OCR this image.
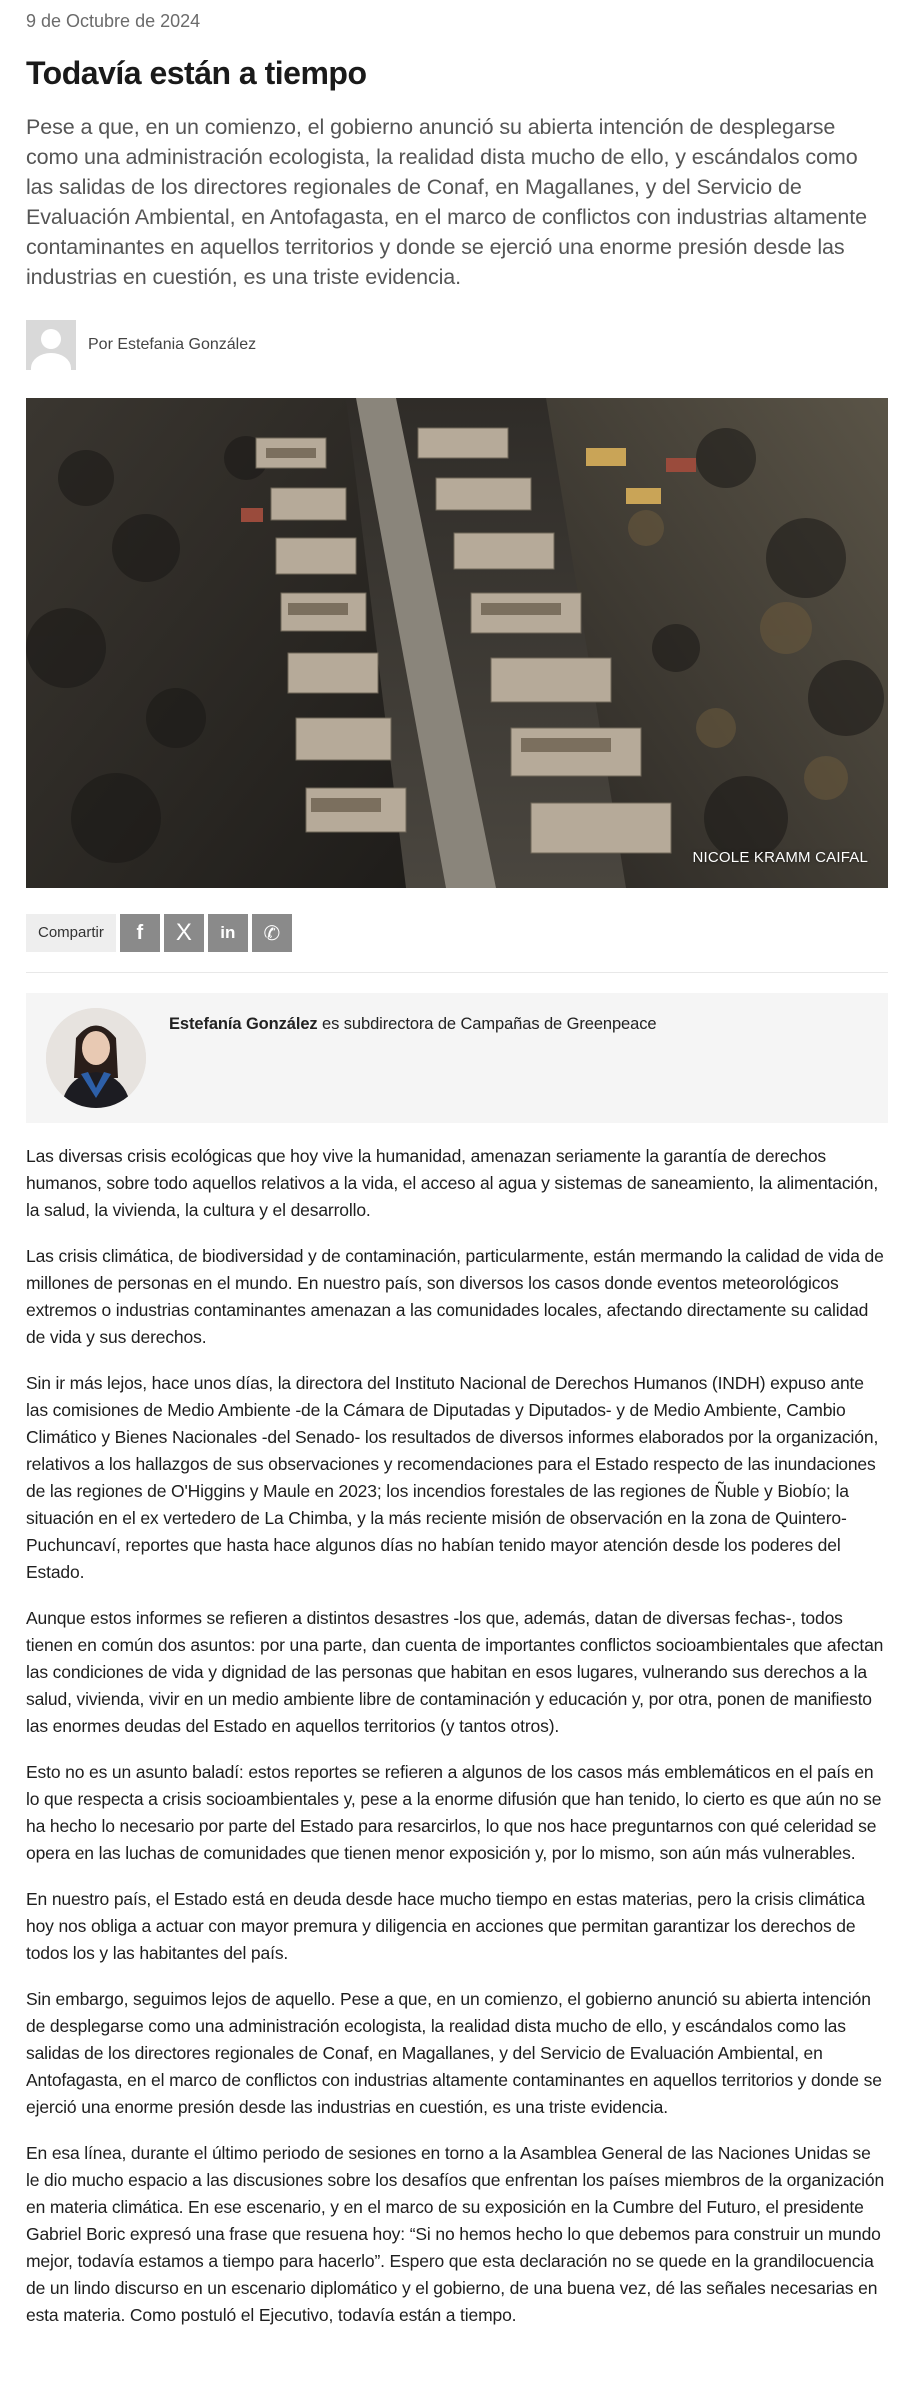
9 de Octubre de 2024
Todavía están a tiempo
Pese a que, en un comienzo, el gobierno anunció su abierta intención de desplegarse como una administración ecologista, la realidad dista mucho de ello, y escándalos como las salidas de los directores regionales de Conaf, en Magallanes, y del Servicio de Evaluación Ambiental, en Antofagasta, en el marco de conflictos con industrias altamente contaminantes en aquellos territorios y donde se ejerció una enorme presión desde las industrias en cuestión, es una triste evidencia.
Por Estefania González
NICOLE KRAMM CAIFAL
Compartir	f X in ✆
Estefanía González es subdirectora de Campañas de Greenpeace

Las diversas crisis ecológicas que hoy vive la humanidad, amenazan seriamente la garantía de derechos humanos, sobre todo aquellos relativos a la vida, el acceso al agua y sistemas de saneamiento, la alimentación, la salud, la vivienda, la cultura y el desarrollo.

Las crisis climática, de biodiversidad y de contaminación, particularmente, están mermando la calidad de vida de millones de personas en el mundo. En nuestro país, son diversos los casos donde eventos meteorológicos extremos o industrias contaminantes amenazan a las comunidades locales, afectando directamente su calidad de vida y sus derechos.

Sin ir más lejos, hace unos días, la directora del Instituto Nacional de Derechos Humanos (INDH) expuso ante las comisiones de Medio Ambiente -de la Cámara de Diputadas y Diputados- y de Medio Ambiente, Cambio Climático y Bienes Nacionales -del Senado- los resultados de diversos informes elaborados por la organización, relativos a los hallazgos de sus observaciones y recomendaciones para el Estado respecto de las inundaciones de las regiones de O'Higgins y Maule en 2023; los incendios forestales de las regiones de Ñuble y Biobío; la situación en el ex vertedero de La Chimba, y la más reciente misión de observación en la zona de Quintero-Puchuncaví, reportes que hasta hace algunos días no habían tenido mayor atención desde los poderes del Estado.

Aunque estos informes se refieren a distintos desastres -los que, además, datan de diversas fechas-, todos tienen en común dos asuntos: por una parte, dan cuenta de importantes conflictos socioambientales que afectan las condiciones de vida y dignidad de las personas que habitan en esos lugares, vulnerando sus derechos a la salud, vivienda, vivir en un medio ambiente libre de contaminación y educación y, por otra, ponen de manifiesto las enormes deudas del Estado en aquellos territorios (y tantos otros).

Esto no es un asunto baladí: estos reportes se refieren a algunos de los casos más emblemáticos en el país en lo que respecta a crisis socioambientales y, pese a la enorme difusión que han tenido, lo cierto es que aún no se ha hecho lo necesario por parte del Estado para resarcirlos, lo que nos hace preguntarnos con qué celeridad se opera en las luchas de comunidades que tienen menor exposición y, por lo mismo, son aún más vulnerables.

En nuestro país, el Estado está en deuda desde hace mucho tiempo en estas materias, pero la crisis climática hoy nos obliga a actuar con mayor premura y diligencia en acciones que permitan garantizar los derechos de todos los y las habitantes del país.

Sin embargo, seguimos lejos de aquello. Pese a que, en un comienzo, el gobierno anunció su abierta intención de desplegarse como una administración ecologista, la realidad dista mucho de ello, y escándalos como las salidas de los directores regionales de Conaf, en Magallanes, y del Servicio de Evaluación Ambiental, en Antofagasta, en el marco de conflictos con industrias altamente contaminantes en aquellos territorios y donde se ejerció una enorme presión desde las industrias en cuestión, es una triste evidencia.

En esa línea, durante el último periodo de sesiones en torno a la Asamblea General de las Naciones Unidas se le dio mucho espacio a las discusiones sobre los desafíos que enfrentan los países miembros de la organización en materia climática. En ese escenario, y en el marco de su exposición en la Cumbre del Futuro, el presidente Gabriel Boric expresó una frase que resuena hoy: “Si no hemos hecho lo que debemos para construir un mundo mejor, todavía estamos a tiempo para hacerlo”. Espero que esta declaración no se quede en la grandilocuencia de un lindo discurso en un escenario diplomático y el gobierno, de una buena vez, dé las señales necesarias en esta materia. Como postuló el Ejecutivo, todavía están a tiempo.
